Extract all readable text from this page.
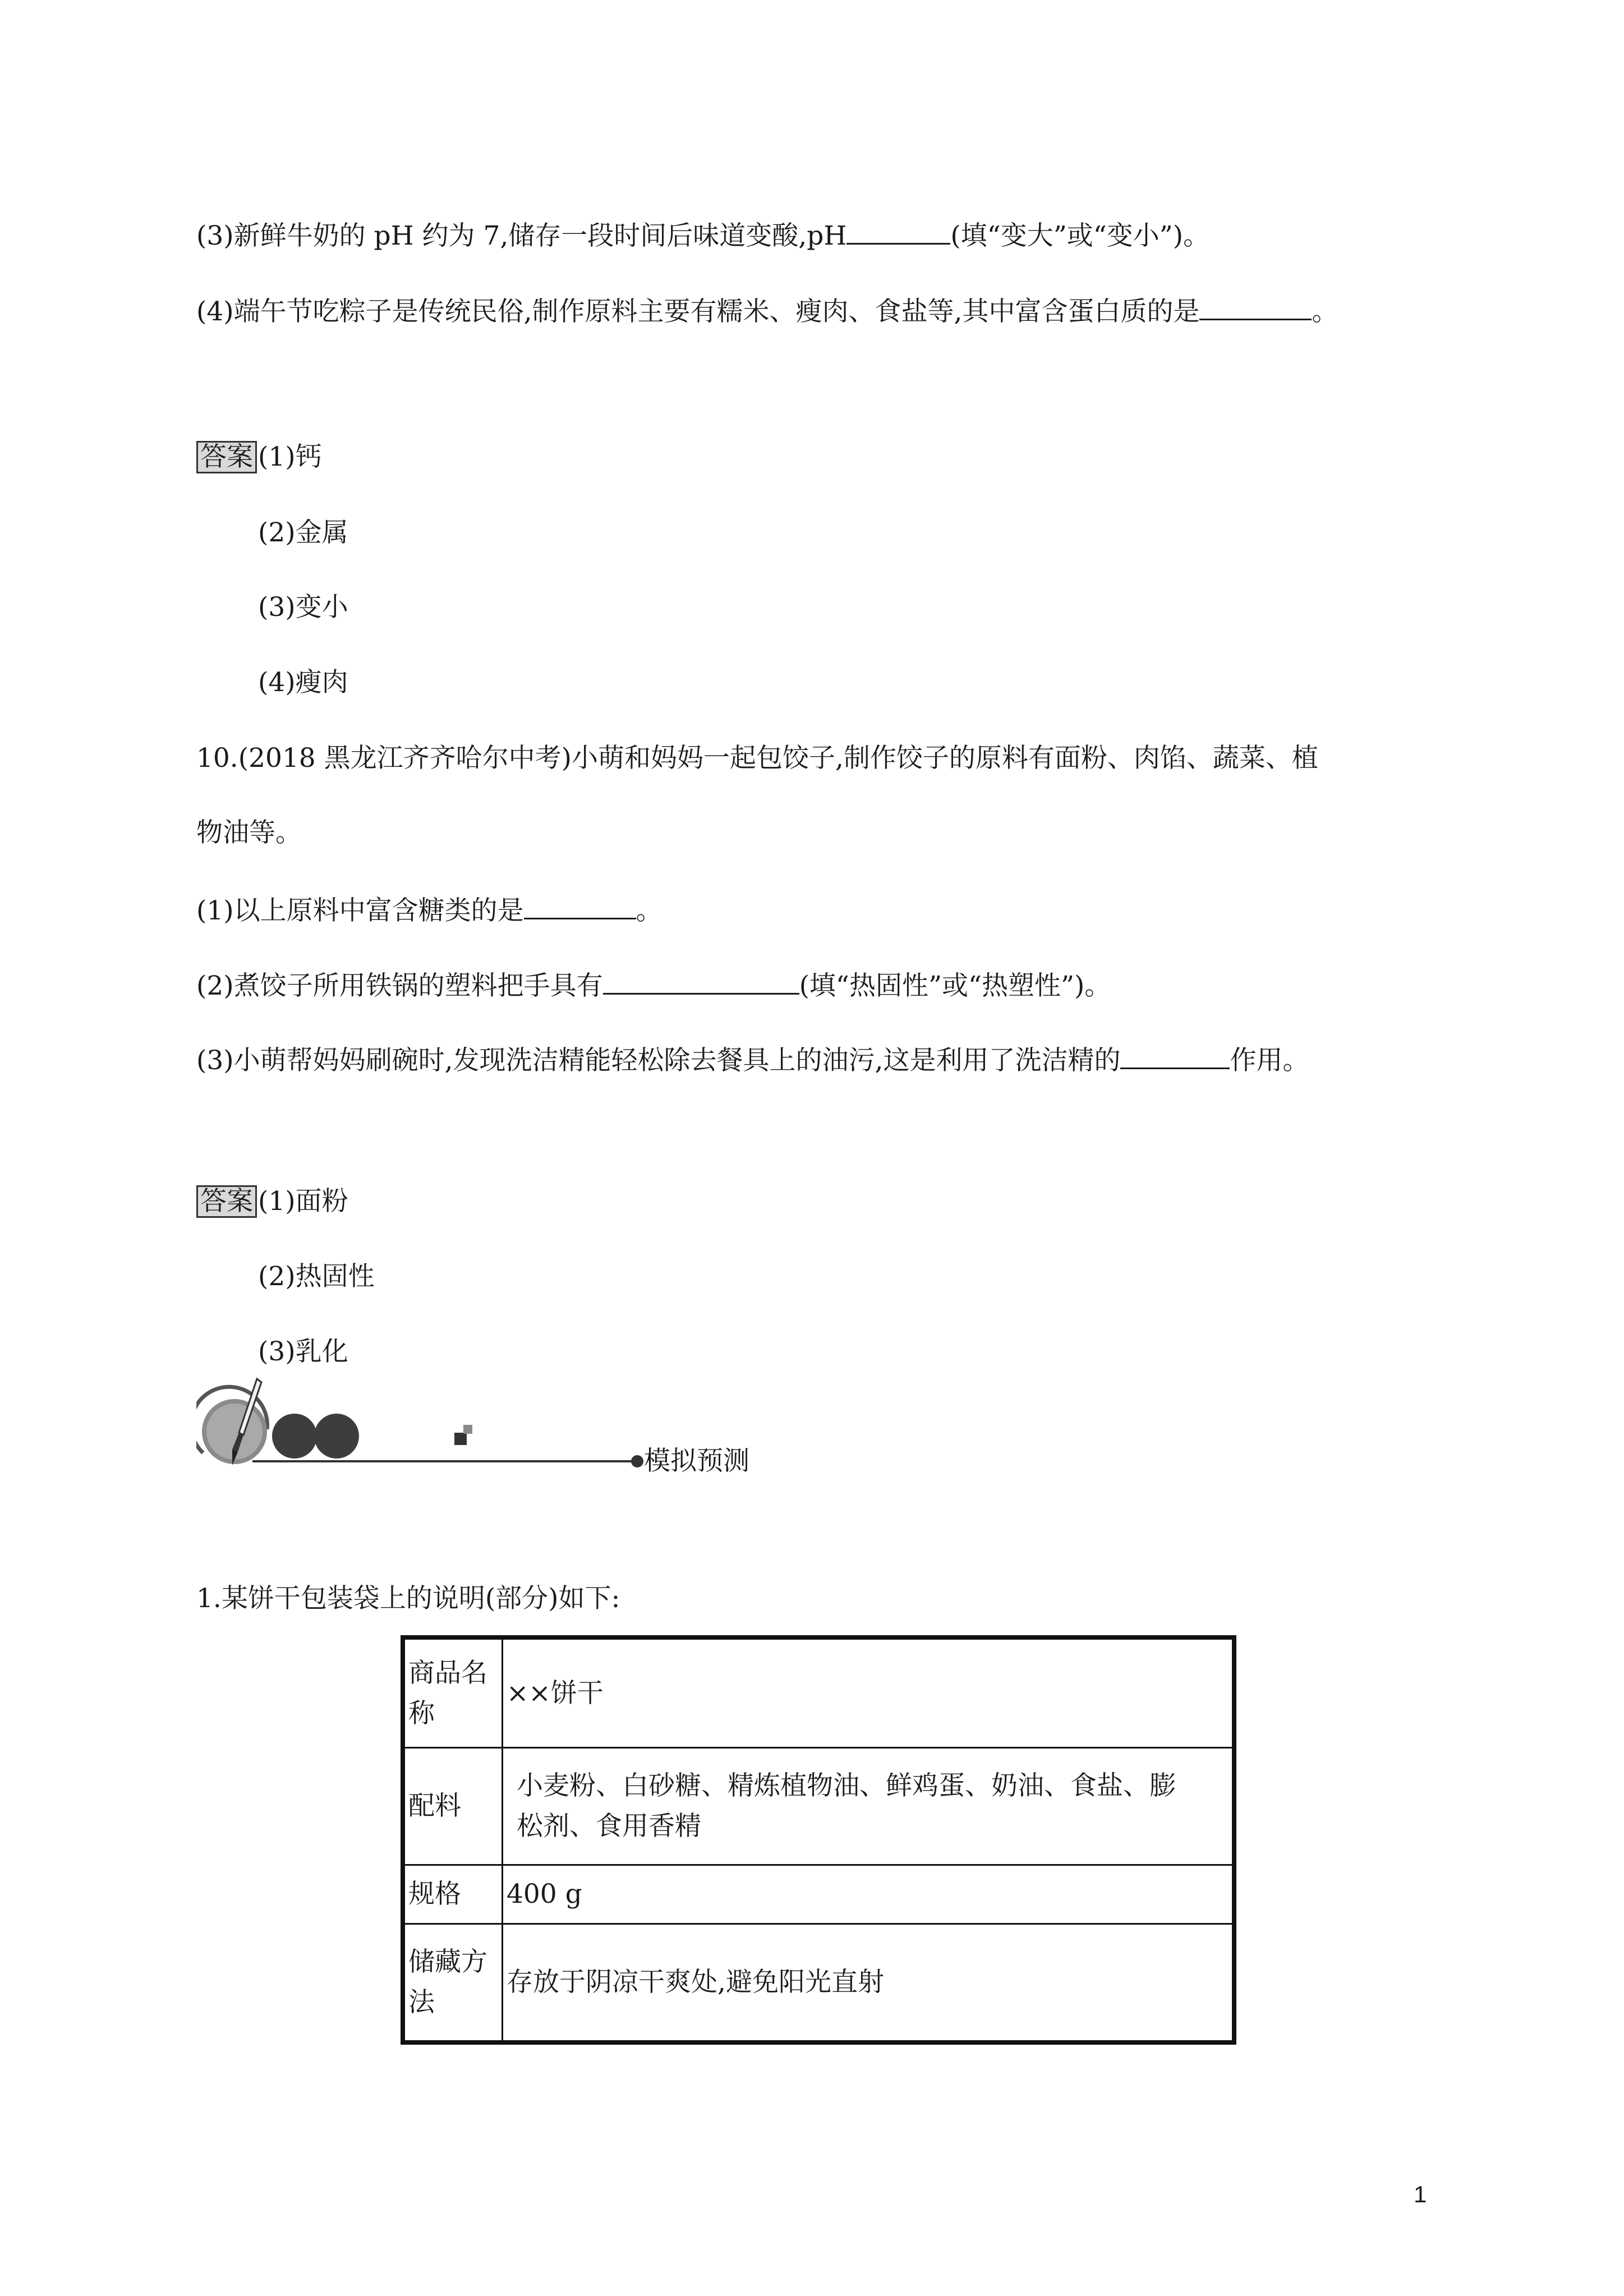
(3)新鲜牛奶的 pH 约为 7,储存一段时间后味道变酸,pH	(填“变大”或“变小”)。
(4)端午节吃粽子是传统民俗,制作原料主要有糯米、瘦肉、食盐等,其中富含蛋白质的是	。
答案 (1)钙
(2)金属
(3)变小
(4)瘦肉
10.(2018 黑龙江齐齐哈尔中考)小萌和妈妈一起包饺子,制作饺子的原料有面粉、肉馅、蔬菜、植
物油等。
(1)以上原料中富含糖类的是	。
(2)煮饺子所用铁锅的塑料把手具有	(填“热固性”或“热塑性”)。
(3)小萌帮妈妈刷碗时,发现洗洁精能轻松除去餐具上的油污,这是利用了洗洁精的	作用。
答案 (1)面粉
(2)热固性
(3)乳化
模拟预测
1.某饼干包装袋上的说明(部分)如下:
商品名称	××饼干
配料	小麦粉、白砂糖、精炼植物油、鲜鸡蛋、奶油、食盐、膨松剂、食用香精
规格	400 g
储藏方法	存放于阴凉干爽处,避免阳光直射
1
